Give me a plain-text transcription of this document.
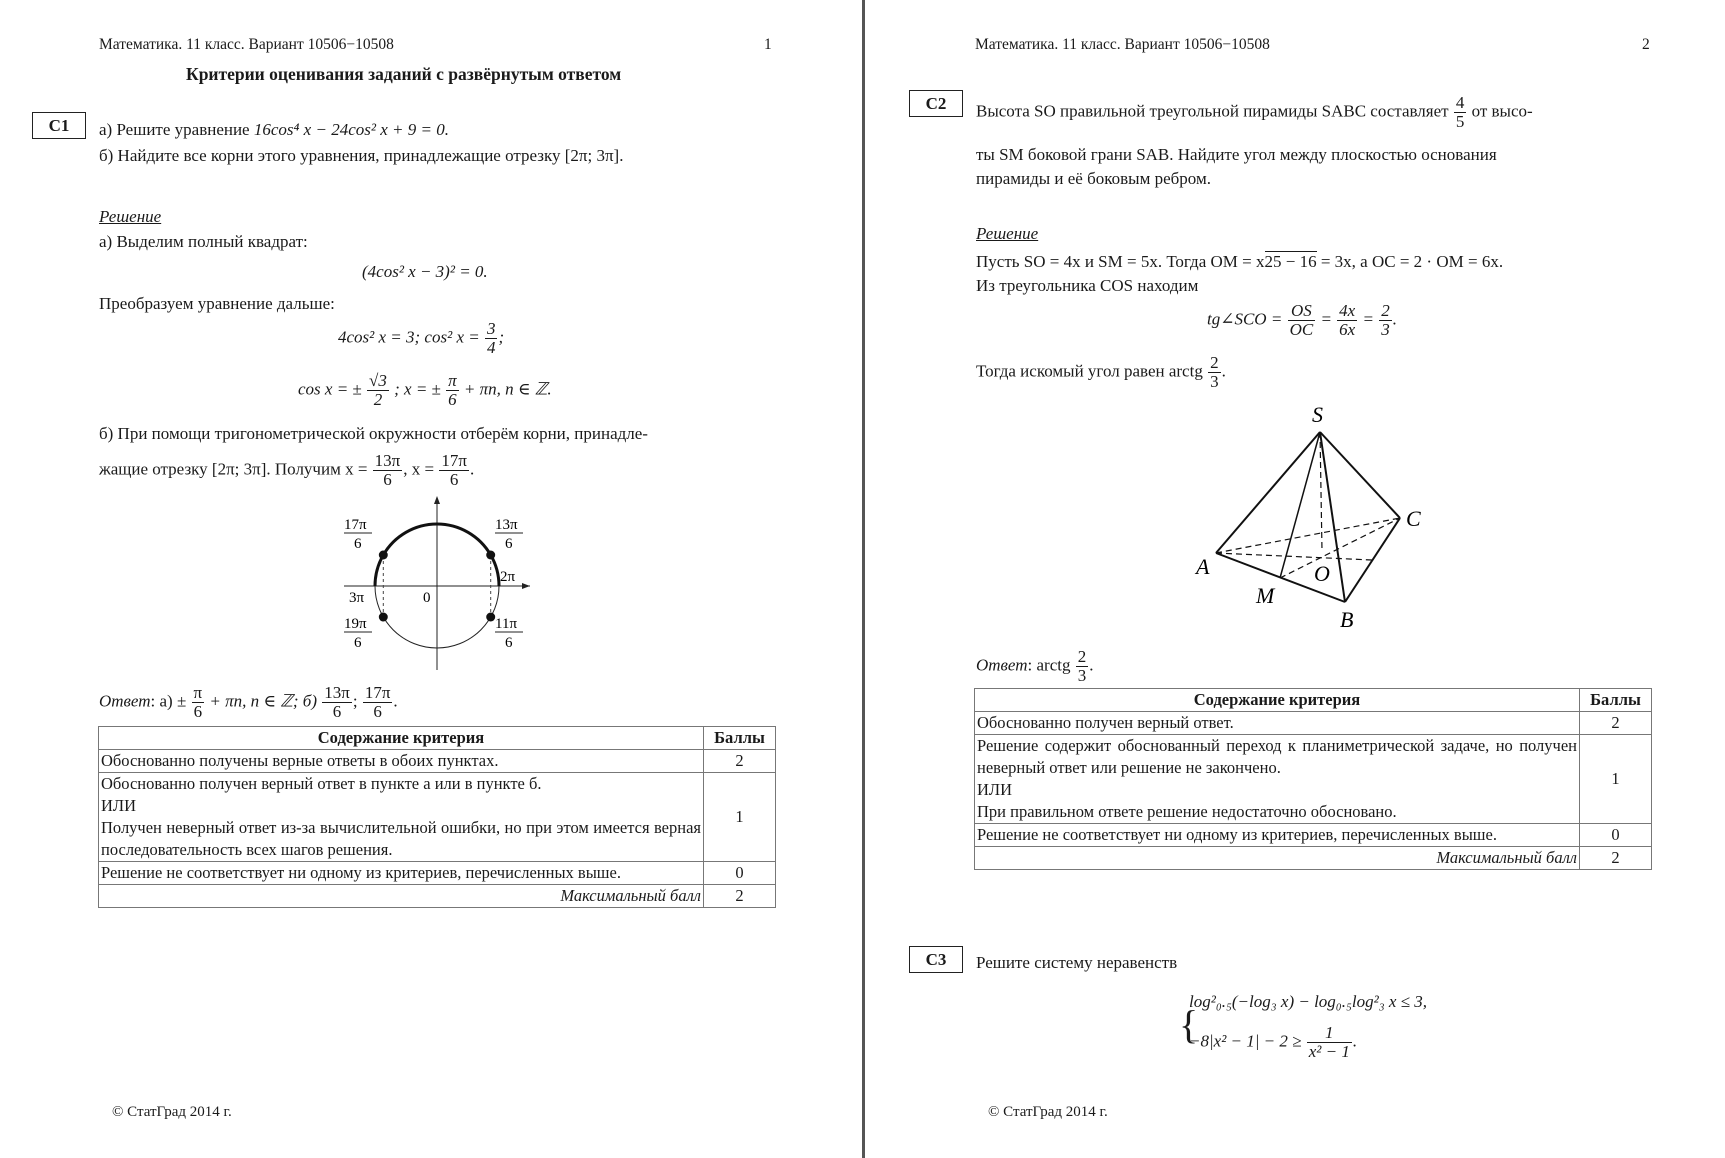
Математика. 11 класс. Вариант 10506−10508	1
Критерии оценивания заданий с развёрнутым ответом
C1	а) Решите уравнение 16cos⁴ x − 24cos² x + 9 = 0.
б) Найдите все корни этого уравнения, принадлежащие отрезку [2π; 3π].
Решение
а) Выделим полный квадрат:
(4cos² x − 3)² = 0.
Преобразуем уравнение дальше:
4cos² x = 3; cos² $x = \frac{3}{4}$ ;
cos x = ± $\frac{√3}{2}$ ; x = ± $\frac{\pi}{6} + \pi n$, n ∈ ℤ.
б) При помощи тригонометрической окружности отберём корни, принадле-
жащие отрезку [2π; 3π]. Получим $x = \frac{13\pi}{6}$ , $x = \frac{17\pi}{6}$ .
17π
6
13π
6
19π
6
11π
6
2π
3π	0
Ответ: $а) \pm \frac{\pi}{6} + \pi n$, n ∈ ℤ; $б) \frac{13\pi}{6}$ ; $\frac{17\pi}{6}$ .
Содержание критерия	Баллы
Обоснованно получены верные ответы в обоих пунктах.	2
Обоснованно получен верный ответ в пункте а или в пункте б.
ИЛИ
Получен неверный ответ из-за вычислительной ошибки, но при этом имеется верная последовательность всех шагов решения.	1
Решение не соответствует ни одному из критериев, перечисленных выше.	0
Максимальный балл	2
© СтатГрад 2014 г.
Математика. 11 класс. Вариант 10506−10508	2
C2	Высота SO правильной треугольной пирамиды SABC составляет $\frac{4}{5}$ от высо-
ты SM боковой грани SAB. Найдите угол между плоскостью основания
пирамиды и её боковым ребром.
Решение
Пусть SO = 4x и SM = 5x. Тогда OM = x25 − 16 = 3x, а OC = 2 · OM = 6x.
Из треугольника COS находим
tg∠SCO = $\frac{OS}{OC} = \frac{4x}{6x} = \frac{2}{3}$ .
Тогда искомый угол равен arctg $\frac{2}{3}$ .
S
A
B
C
O
M
Ответ: arctg $\frac{2}{3}$ .
Содержание критерия	Баллы
Обоснованно получен верный ответ.	2
Решение содержит обоснованный переход к планиметрической задаче, но получен неверный ответ или решение не закончено.
ИЛИ
При правильном ответе решение недостаточно обосновано.	1
Решение не соответствует ни одному из критериев, перечисленных выше.	0
Максимальный балл	2
C3	Решите систему неравенств
{
log²₀.₅(−log₃ x) − log₀.₅log²₃ x ≤ 3,
$-8|x^2 - 1| - 2 \ge \frac{1}{\text{x² − 1}}$ .
© СтатГрад 2014 г.
